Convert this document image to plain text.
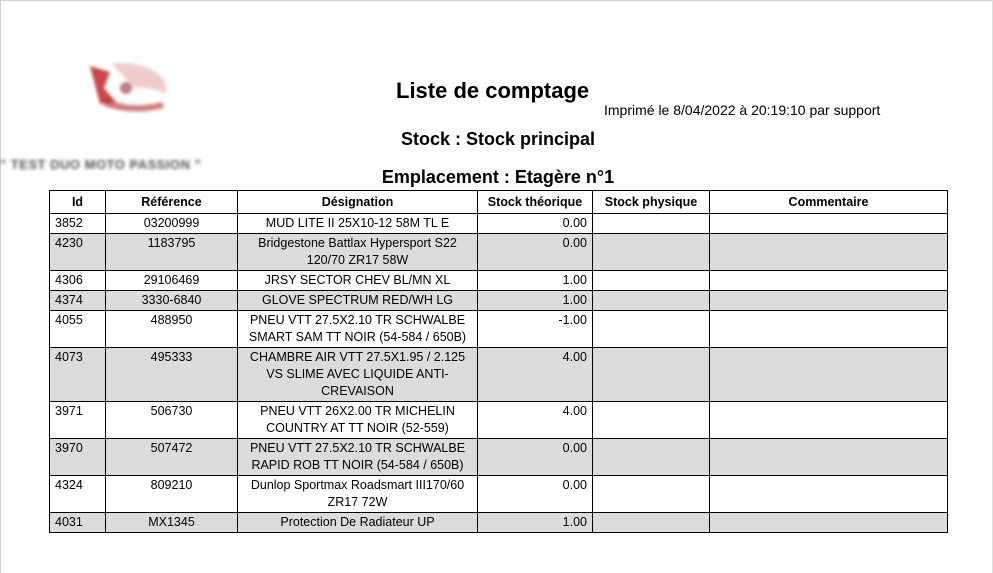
" TEST DUO MOTO PASSION "
Liste de comptage
Imprimé le 8/04/2022 à 20:19:10 par support
Stock : Stock principal
Emplacement : Etagère n°1
Id	Référence	Désignation	Stock théorique	Stock physique	Commentaire
3852	03200999	MUD LITE II 25X10-12 58M TL E	0.00		
4230	1183795	Bridgestone Battlax Hypersport S22 120/70 ZR17 58W	0.00		
4306	29106469	JRSY SECTOR CHEV BL/MN XL	1.00		
4374	3330-6840	GLOVE SPECTRUM RED/WH LG	1.00		
4055	488950	PNEU VTT 27.5X2.10 TR SCHWALBE SMART SAM TT NOIR (54-584 / 650B)	-1.00		
4073	495333	CHAMBRE AIR VTT 27.5X1.95 / 2.125 VS SLIME AVEC LIQUIDE ANTI-CREVAISON	4.00		
3971	506730	PNEU VTT 26X2.00 TR MICHELIN COUNTRY AT TT NOIR (52-559)	4.00		
3970	507472	PNEU VTT 27.5X2.10 TR SCHWALBE RAPID ROB TT NOIR (54-584 / 650B)	0.00		
4324	809210	Dunlop Sportmax Roadsmart III170/60 ZR17 72W	0.00		
4031	MX1345	Protection De Radiateur UP	1.00		
